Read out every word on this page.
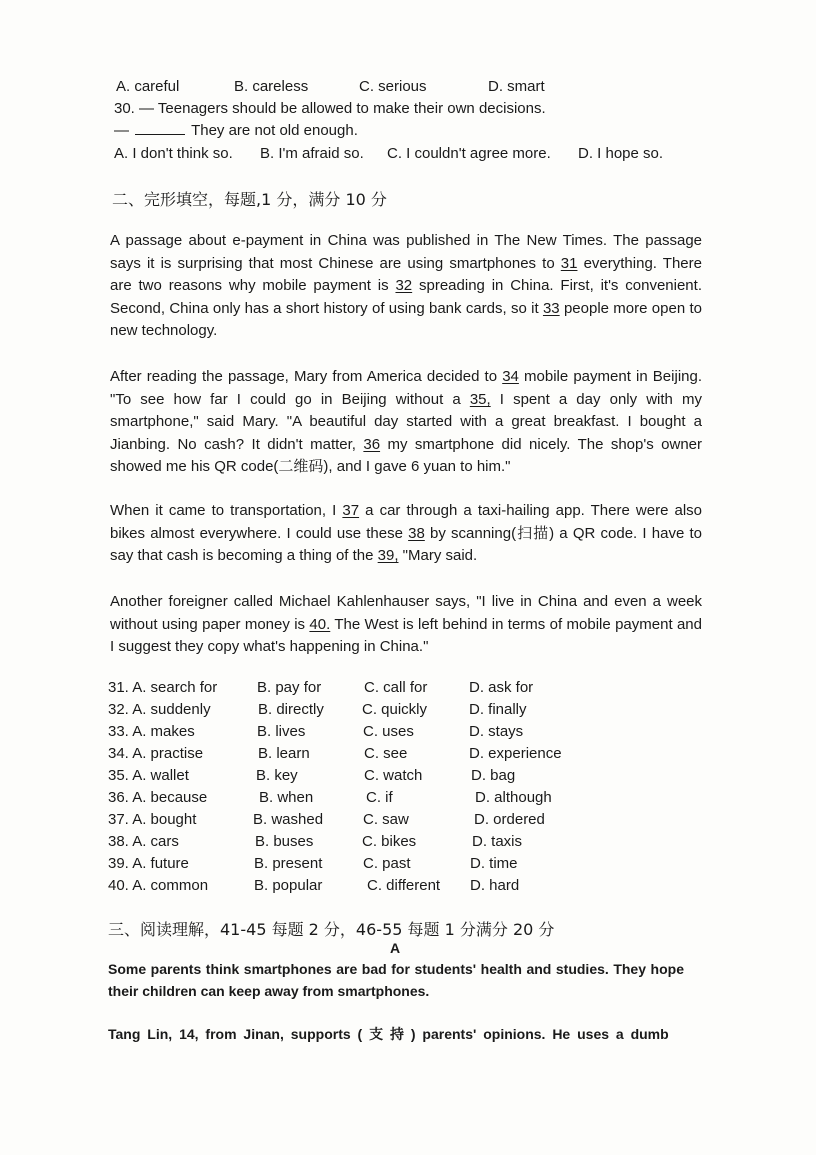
A. careful	B. careless	C. serious	D. smart
30. — Teenagers should be allowed to make their own decisions.
—	They are not old enough.
A. I don't think so. B. I'm afraid so. C. I couldn't agree more. D. I hope so.
二、完形填空，每题,1 分，满分 10 分
A passage about e-payment in China was published in The New Times. The passage says it is surprising that most Chinese are using smartphones to 31 everything. There are two reasons why mobile payment is 32 spreading in China. First, it's convenient. Second, China only has a short history of using bank cards, so it 33 people more open to new technology.
After reading the passage, Mary from America decided to 34 mobile payment in Beijing. "To see how far I could go in Beijing without a 35, I spent a day only with my smartphone," said Mary. "A beautiful day started with a great breakfast. I bought a Jianbing. No cash? It didn't matter, 36 my smartphone did nicely. The shop's owner showed me his QR code(二维码), and I gave 6 yuan to him."
When it came to transportation, I 37 a car through a taxi-hailing app. There were also bikes almost everywhere. I could use these 38 by scanning(扫描) a QR code. I have to say that cash is becoming a thing of the 39, "Mary said.
Another foreigner called Michael Kahlenhauser says, "I live in China and even a week without using paper money is 40. The West is left behind in terms of mobile payment and I suggest they copy what's happening in China."
31. A. search for	B. pay for	C. call for	D. ask for
32. A. suddenly	B. directly	C. quickly	D. finally
33. A. makes	B. lives	C. uses	D. stays
34. A. practise	B. learn	C. see	D. experience
35. A. wallet	B. key	C. watch	D. bag
36. A. because	B. when	C. if	D. although
37. A. bought	B. washed	C. saw	D. ordered
38. A. cars	B. buses	C. bikes	D. taxis
39. A. future	B. present	C. past	D. time
40. A. common	B. popular	C. different D. hard
三、阅读理解，41-45 每题 2 分，46-55 每题 1 分满分 20 分
A
Some parents think smartphones are bad for students' health and studies. They hope their children can keep away from smartphones.
Tang Lin, 14, from Jinan, supports ( 支 持 ) parents' opinions. He uses a dumb
